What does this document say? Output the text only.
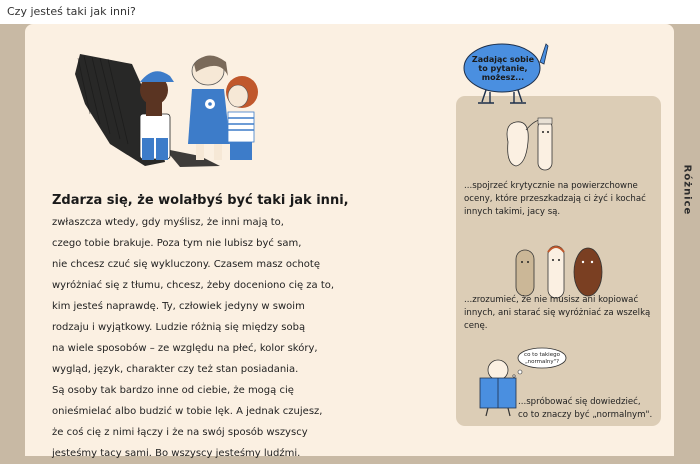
Czy jesteś taki jak inni?
Różnice
Zdarza się, że wolałbyś być taki jak inni,
zwłaszcza wtedy, gdy myślisz, że inni mają to,
czego tobie brakuje. Poza tym nie lubisz być sam,
nie chcesz czuć się wykluczony. Czasem masz ochotę
wyróżniać się z tłumu, chcesz, żeby doceniono cię za to,
kim jesteś naprawdę. Ty, człowiek jedyny w swoim
rodzaju i wyjątkowy. Ludzie różnią się między sobą
na wiele sposobów – ze względu na płeć, kolor skóry,
wygląd, język, charakter czy też stan posiadania.
Są osoby tak bardzo inne od ciebie, że mogą cię
onieśmielać albo budzić w tobie lęk. A jednak czujesz,
że coś cię z nimi łączy i że na swój sposób wszyscy
jesteśmy tacy sami. Bo wszyscy jesteśmy ludźmi.
Zadając sobie
to pytanie,
możesz...
...spojrzeć krytycznie na powierzchowne
oceny, które przeszkadzają ci żyć i kochać
innych takimi, jacy są.
...zrozumieć, że nie musisz ani kopiować
innych, ani starać się wyróżniać za wszelką
cenę.
co to takiego
„normalny"?
...spróbować się dowiedzieć,
co to znaczy być „normalnym".
